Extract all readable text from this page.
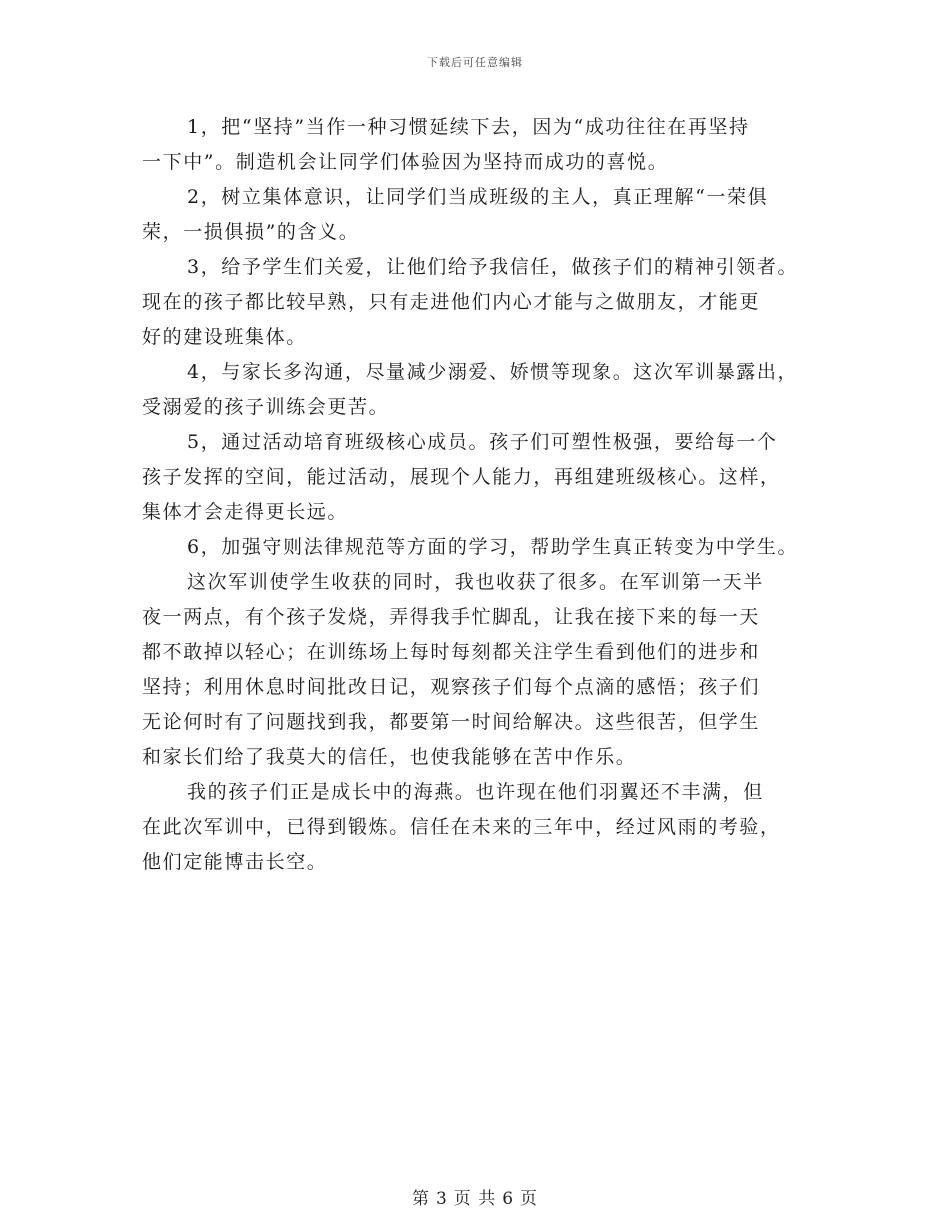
下载后可任意编辑

1，把“坚持”当作一种习惯延续下去，因为“成功往往在再坚持
一下中”。制造机会让同学们体验因为坚持而成功的喜悦。

2，树立集体意识，让同学们当成班级的主人，真正理解“一荣俱
荣，一损俱损”的含义。

3，给予学生们关爱，让他们给予我信任，做孩子们的精神引领者。
现在的孩子都比较早熟，只有走进他们内心才能与之做朋友，才能更
好的建设班集体。

4，与家长多沟通，尽量减少溺爱、娇惯等现象。这次军训暴露出，
受溺爱的孩子训练会更苦。

5，通过活动培育班级核心成员。孩子们可塑性极强，要给每一个
孩子发挥的空间，能过活动，展现个人能力，再组建班级核心。这样，
集体才会走得更长远。

6，加强守则法律规范等方面的学习，帮助学生真正转变为中学生。

这次军训使学生收获的同时，我也收获了很多。在军训第一天半
夜一两点，有个孩子发烧，弄得我手忙脚乱，让我在接下来的每一天
都不敢掉以轻心；在训练场上每时每刻都关注学生看到他们的进步和
坚持；利用休息时间批改日记，观察孩子们每个点滴的感悟；孩子们
无论何时有了问题找到我，都要第一时间给解决。这些很苦，但学生
和家长们给了我莫大的信任，也使我能够在苦中作乐。

我的孩子们正是成长中的海燕。也许现在他们羽翼还不丰满，但
在此次军训中，已得到锻炼。信任在未来的三年中，经过风雨的考验，
他们定能博击长空。

第 3 页 共 6 页
